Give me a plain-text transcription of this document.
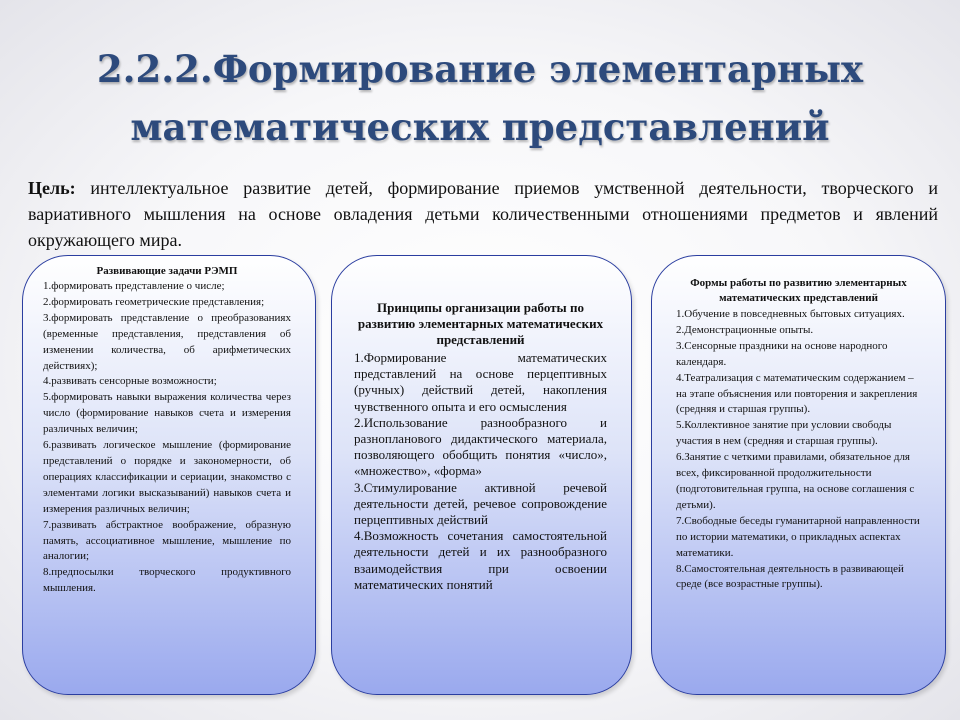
2.2.2.Формирование элементарных
математических представлений

Цель: интеллектуальное развитие детей, формирование приемов умственной деятельности, творческого и вариативного мышления на основе овладения детьми количественными отношениями предметов и явлений окружающего мира.

Развивающие задачи РЭМП

1.формировать представление о числе;
2.формировать геометрические представления;
3.формировать представление о преобразованиях (временные представления, представления об изменении количества, об арифметических действиях);
4.развивать сенсорные возможности;
5.формировать навыки выражения количества через число (формирование навыков счета и измерения различных величин;
6.развивать логическое мышление (формирование представлений о порядке и закономерности, об операциях классификации и сериации, знакомство с элементами логики высказываний) навыков счета и измерения различных величин;
7.развивать абстрактное воображение, образную память, ассоциативное мышление, мышление по аналогии;
8.предпосылки творческого продуктивного мышления.

Принципы организации работы по развитию элементарных математических представлений

1.Формирование математических представлений на основе перцептивных (ручных) действий детей, накопления чувственного опыта и его осмысления
2.Использование разнообразного и разнопланового дидактического материала, позволяющего обобщить понятия «число», «множество», «форма»
3.Стимулирование активной речевой деятельности детей, речевое сопровождение перцептивных действий
4.Возможность сочетания самостоятельной деятельности детей и их разнообразного взаимодействия при освоении математических понятий

Формы работы по развитию элементарных математических представлений

1.Обучение в повседневных бытовых ситуациях.
2.Демонстрационные опыты.
3.Сенсорные праздники на основе народного календаря.
4.Театрализация с математическим содержанием – на этапе объяснения или повторения и закрепления (средняя и старшая группы).
5.Коллективное занятие при условии свободы участия в нем (средняя и старшая группы).
6.Занятие с четкими правилами, обязательное для всех, фиксированной продолжительности (подготовительная группа, на основе соглашения с детьми).
7.Свободные беседы гуманитарной направленности по истории математики, о прикладных аспектах математики.
8.Самостоятельная деятельность в развивающей среде (все возрастные группы).
